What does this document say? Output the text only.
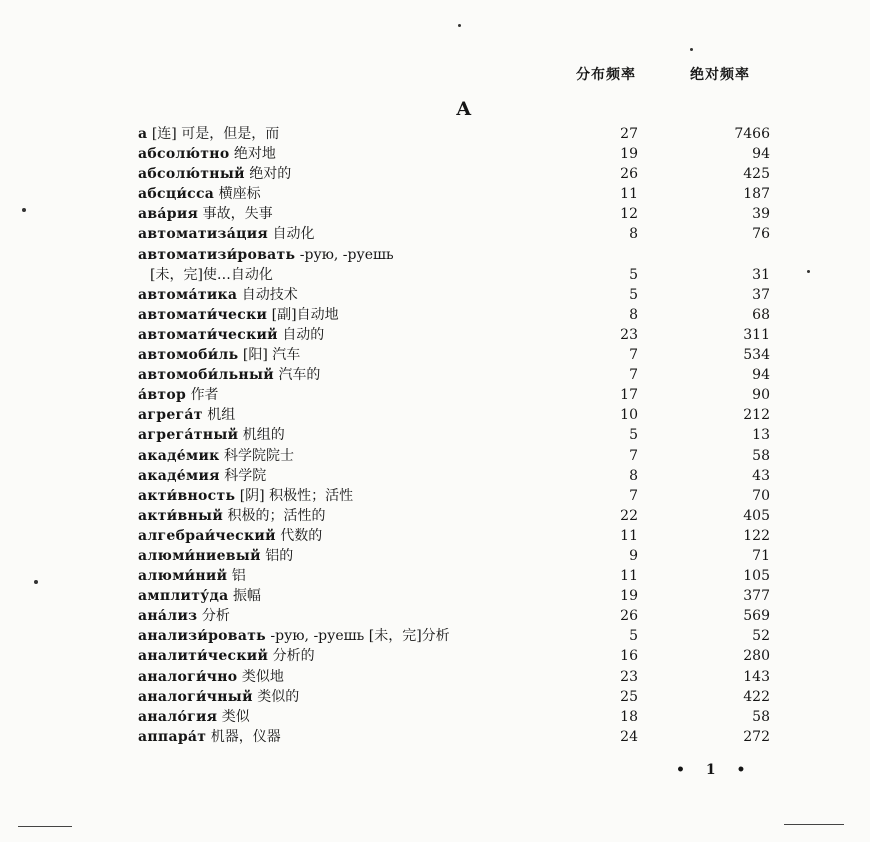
分布频率	绝对频率
А
а [连] 可是，但是，而	27	7466
абсолю́тно 绝对地	19	94
абсолю́тный 绝对的	26	425
абсци́сса 横座标	11	187
ава́рия 事故，失事	12	39
автоматиза́ция 自动化	8	76
автоматизи́ровать -рую, -руешь
[未，完]使…自动化	5	31
автома́тика 自动技术	5	37
автомати́чески [副]自动地	8	68
автомати́ческий 自动的	23	311
автомоби́ль [阳] 汽车	7	534
автомоби́льный 汽车的	7	94
а́втор 作者	17	90
агрега́т 机组	10	212
агрега́тный 机组的	5	13
акаде́мик 科学院院士	7	58
акаде́мия 科学院	8	43
акти́вность [阴] 积极性；活性	7	70
акти́вный 积极的；活性的	22	405
алгебраи́ческий 代数的	11	122
алюми́ниевый 铝的	9	71
алюми́ний 铝	11	105
амплиту́да 振幅	19	377
ана́лиз 分析	26	569
анализи́ровать -рую, -руешь [未，完]分析	5	52
аналити́ческий 分析的	16	280
аналоги́чно 类似地	23	143
аналоги́чный 类似的	25	422
анало́гия 类似	18	58
аппара́т 机器，仪器	24	272
• 1 •
